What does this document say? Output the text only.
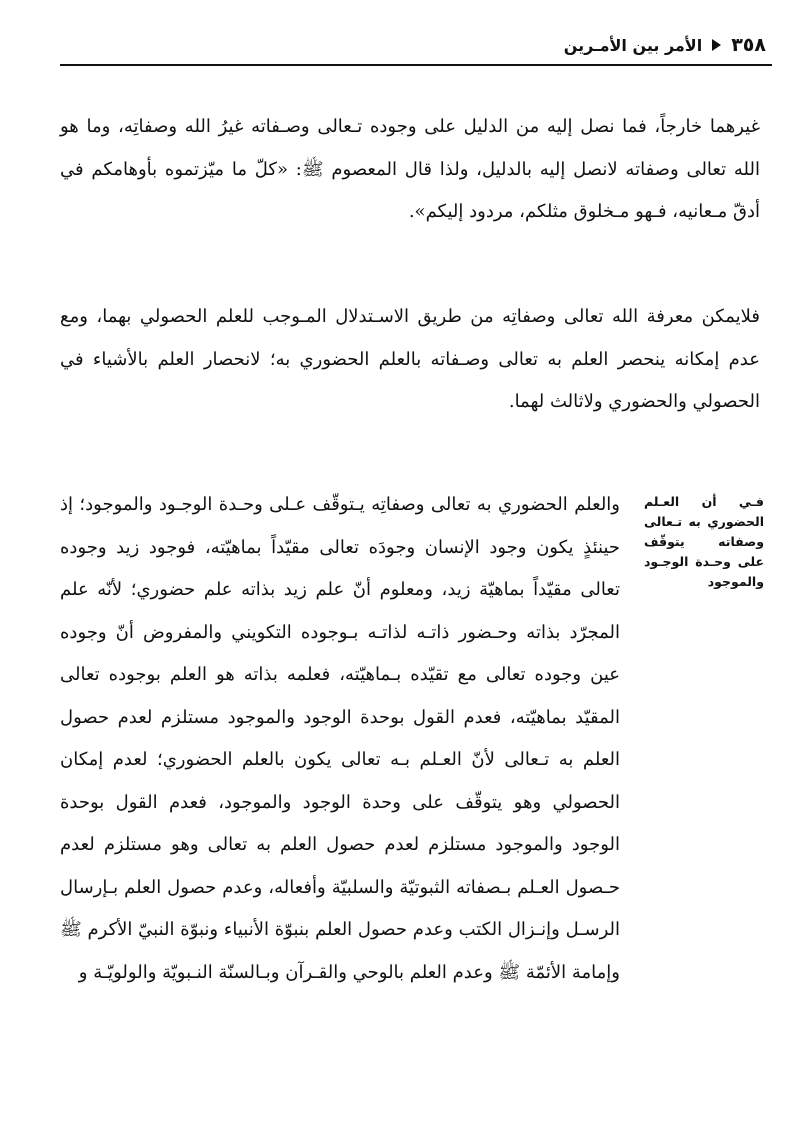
٣٥٨
الأمر بين الأمـرين

غيرهما خارجاً، فما نصل إليه من الدليل على وجوده تـعالى وصـفاته غيرُ الله وصفاتِه، وما هو الله تعالى وصفاته لانصل إليه بالدليل، ولذا قال المعصوم ﷺ: «كلّ ما ميّزتموه بأوهامكم في أدقّ مـعانيه، فـهو مـخلوق مثلكم، مردود إليكم».

فلايمكن معرفة الله تعالى وصفاتِه من طريق الاسـتدلال المـوجب للعلم الحصولي بهما، ومع عدم إمكانه ينحصر العلم به تعالى وصـفاته بالعلم الحضوري به؛ لانحصار العلم بالأشياء في الحصولي والحضوري ولاثالث لهما.

فـي أن العـلم الحضوري به تـعالى وصفاته يتوقّف على وحـدة الوجـود والموجود

والعلم الحضوري به تعالى وصفاتِه يـتوقّف عـلى وحـدة الوجـود والموجود؛ إذ حينئذٍ يكون وجود الإنسان وجودَه تعالى مقيّداً بماهيّته، فوجود زيد وجوده تعالى مقيّداً بماهيّة زيد، ومعلوم أنّ علم زيد بذاته علم حضوري؛ لأنّه علم المجرّد بذاته وحـضور ذاتـه لذاتـه بـوجوده التكويني والمفروض أنّ وجوده عين وجوده تعالى مع تقيّده بـماهيّته، فعلمه بذاته هو العلم بوجوده تعالى المقيّد بماهيّته، فعدم القول بوحدة الوجود والموجود مستلزم لعدم حصول العلم به تـعالى لأنّ العـلم بـه تعالى يكون بالعلم الحضوري؛ لعدم إمكان الحصولي وهو يتوقّف على وحدة الوجود والموجود، فعدم القول بوحدة الوجود والموجود مستلزم لعدم حصول العلم به تعالى وهو مستلزم لعدم حـصول العـلم بـصفاته الثبوتيّة والسلبيّة وأفعاله، وعدم حصول العلم بـإرسال الرسـل وإنـزال الكتب وعدم حصول العلم بنبوّة الأنبياء ونبوّة النبيّ الأكرم ﷺ وإمامة الأئمّة ﷺ وعدم العلم بالوحي والقـرآن وبـالسنّة النـبويّة والولويّـة و
